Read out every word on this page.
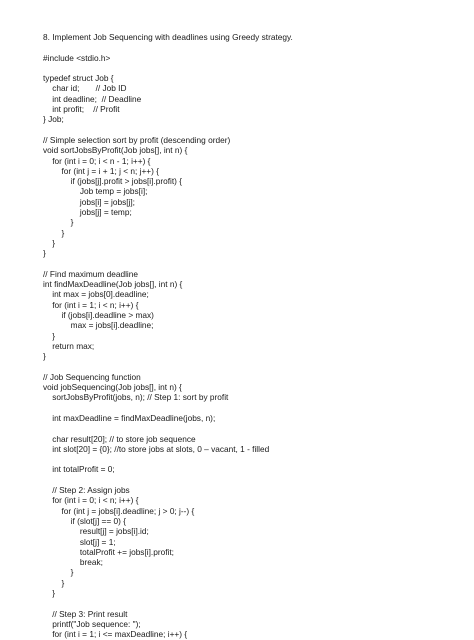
8. Implement Job Sequencing with deadlines using Greedy strategy.
#include <stdio.h>
typedef struct Job {
char id;       // Job ID
int deadline;  // Deadline
int profit;    // Profit
} Job;
// Simple selection sort by profit (descending order)
void sortJobsByProfit(Job jobs[], int n) {
for (int i = 0; i < n - 1; i++) {
for (int j = i + 1; j < n; j++) {
if (jobs[j].profit > jobs[i].profit) {
Job temp = jobs[i];
jobs[i] = jobs[j];
jobs[j] = temp;
}
}
}
}
// Find maximum deadline
int findMaxDeadline(Job jobs[], int n) {
int max = jobs[0].deadline;
for (int i = 1; i < n; i++) {
if (jobs[i].deadline > max)
max = jobs[i].deadline;
}
return max;
}
// Job Sequencing function
void jobSequencing(Job jobs[], int n) {
sortJobsByProfit(jobs, n); // Step 1: sort by profit
int maxDeadline = findMaxDeadline(jobs, n);
char result[20]; // to store job sequence
int slot[20] = {0}; //to store jobs at slots, 0 – vacant, 1 - filled
int totalProfit = 0;
// Step 2: Assign jobs
for (int i = 0; i < n; i++) {
for (int j = jobs[i].deadline; j > 0; j--) {
if (slot[j] == 0) {
result[j] = jobs[i].id;
slot[j] = 1;
totalProfit += jobs[i].profit;
break;
}
}
}
// Step 3: Print result
printf("Job sequence: ");
for (int i = 1; i <= maxDeadline; i++) {
